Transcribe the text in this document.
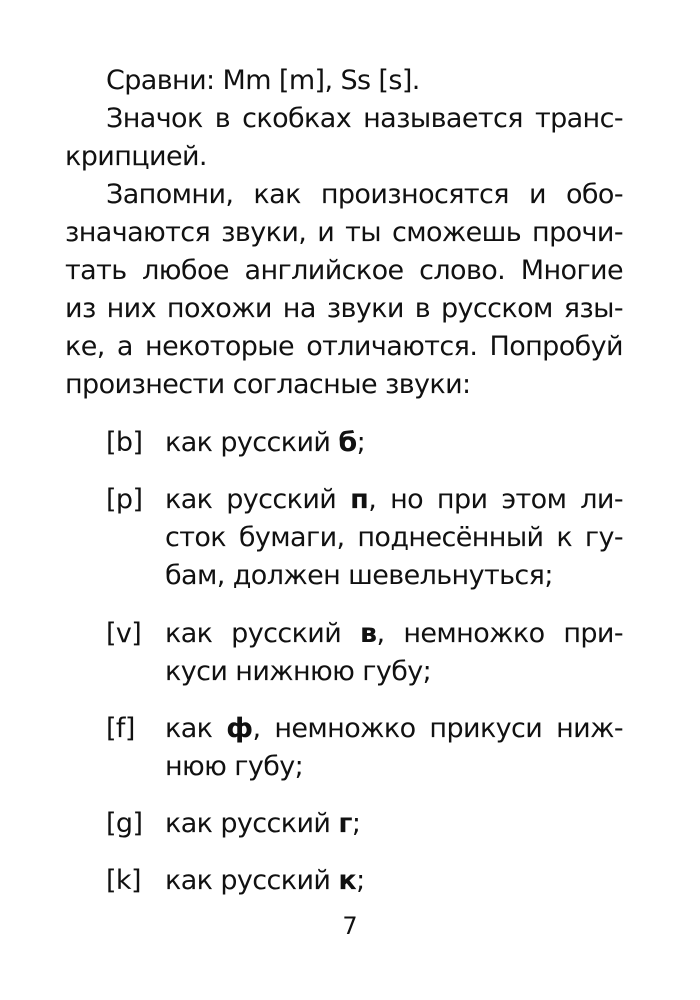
Сравни: Mm [m], Ss [s].
Значок в скобках называется транс-
крипцией.
Запомни, как произносятся и обо-
значаются звуки, и ты сможешь прочи-
тать любое английское слово. Многие
из них похожи на звуки в русском язы-
ке, а некоторые отличаются. Попробуй
произнести согласные звуки:
[b] как русский б;
[p] как русский п, но при этом ли-
сток бумаги, поднесённый к гу-
бам, должен шевельнуться;
[v] как русский в, немножко при-
куси нижнюю губу;
[f] как ф, немножко прикуси ниж-
нюю губу;
[g] как русский г;
[k] как русский к;
7
